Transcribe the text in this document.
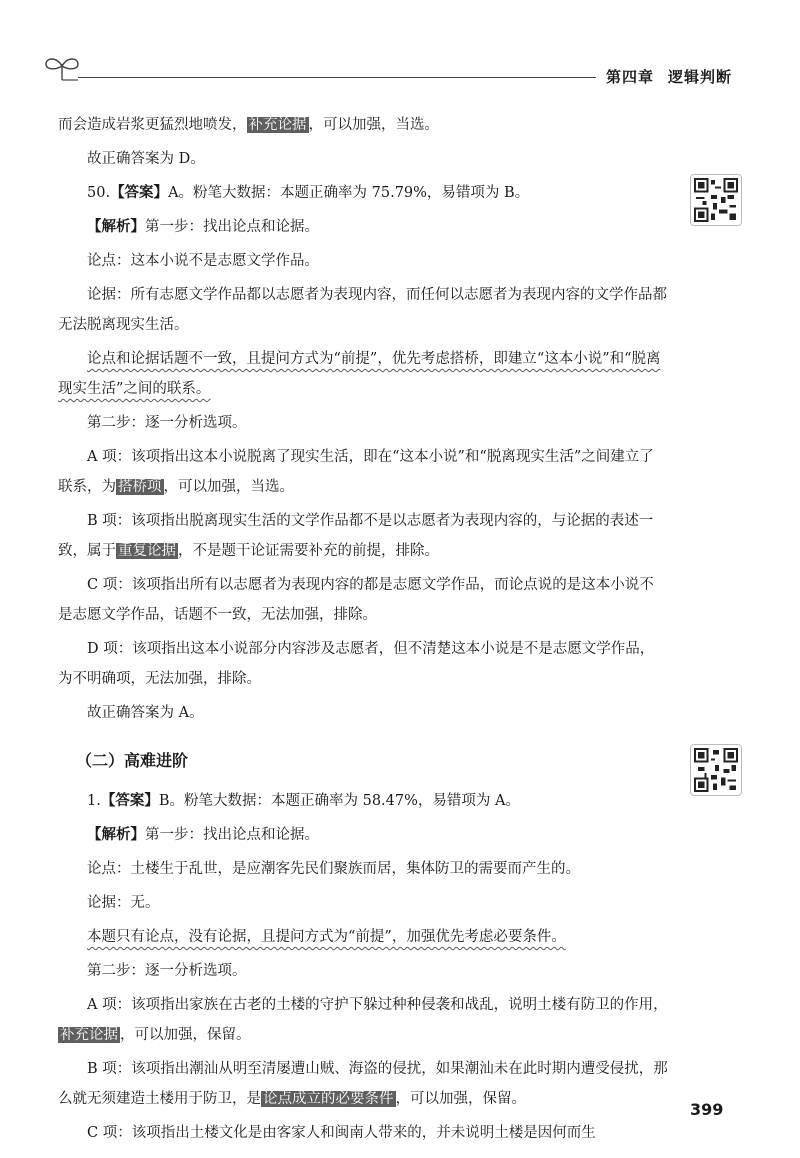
第四章 逻辑判断

而会造成岩浆更猛烈地喷发， 补充论据 ，可以加强，当选。

故正确答案为 D。

50.【答案】A。粉笔大数据：本题正确率为 75.79%，易错项为 B。

【解析】第一步：找出论点和论据。

论点：这本小说不是志愿文学作品。

论据：所有志愿文学作品都以志愿者为表现内容，而任何以志愿者为表现内容的文学作品都无法脱离现实生活。

论点和论据话题不一致，且提问方式为“前提”，优先考虑搭桥，即建立“这本小说”和“脱离现实生活”之间的联系。

第二步：逐一分析选项。

A 项：该项指出这本小说脱离了现实生活，即在“这本小说”和“脱离现实生活”之间建立了联系，为 搭桥项 ，可以加强，当选。

B 项：该项指出脱离现实生活的文学作品都不是以志愿者为表现内容的，与论据的表述一致，属于 重复论据 ，不是题干论证需要补充的前提，排除。

C 项：该项指出所有以志愿者为表现内容的都是志愿文学作品，而论点说的是这本小说不是志愿文学作品，话题不一致，无法加强，排除。

D 项：该项指出这本小说部分内容涉及志愿者，但不清楚这本小说是不是志愿文学作品，为不明确项，无法加强，排除。

故正确答案为 A。

（二）高难进阶

1.【答案】B。粉笔大数据：本题正确率为 58.47%，易错项为 A。

【解析】第一步：找出论点和论据。

论点：土楼生于乱世，是应潮客先民们聚族而居，集体防卫的需要而产生的。

论据：无。

本题只有论点，没有论据，且提问方式为“前提”，加强优先考虑必要条件。

第二步：逐一分析选项。

A 项：该项指出家族在古老的土楼的守护下躲过种种侵袭和战乱，说明土楼有防卫的作用，补充论据 ，可以加强，保留。

B 项：该项指出潮汕从明至清屡遭山贼、海盗的侵扰，如果潮汕未在此时期内遭受侵扰，那么就无须建造土楼用于防卫，是 论点成立的必要条件 ，可以加强，保留。

C 项：该项指出土楼文化是由客家人和闽南人带来的，并未说明土楼是因何而生

399
